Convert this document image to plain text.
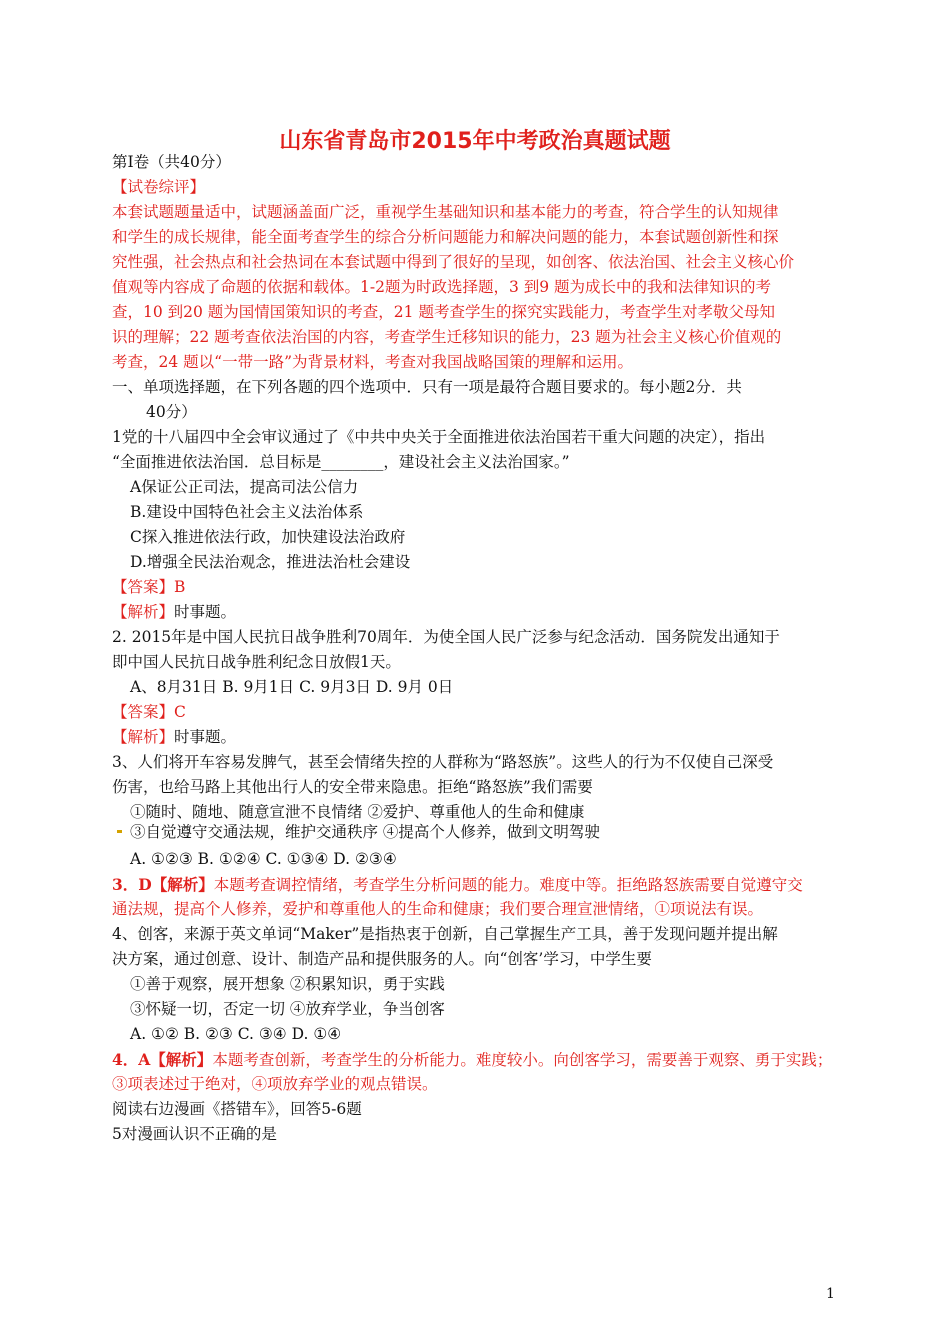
山东省青岛市2015年中考政治真题试题
第Ⅰ卷（共40分）
【试卷综评】
本套试题题量适中，试题涵盖面广泛，重视学生基础知识和基本能力的考查，符合学生的认知规律
和学生的成长规律，能全面考查学生的综合分析问题能力和解决问题的能力，本套试题创新性和探
究性强，社会热点和社会热词在本套试题中得到了很好的呈现，如创客、依法治国、社会主义核心价
值观等内容成了命题的依据和载体。1-2题为时政选择题，3 到9 题为成长中的我和法律知识的考
查，10 到20 题为国情国策知识的考查，21 题考查学生的探究实践能力，考查学生对孝敬父母知
识的理解；22 题考查依法治国的内容，考查学生迁移知识的能力，23 题为社会主义核心价值观的
考查，24 题以“一带一路”为背景材料，考查对我国战略国策的理解和运用。
一、单项选择题，在下列各题的四个选项中．只有一项是最符合题目要求的。每小题2分．共
40分）
1党的十八届四中全会审议通过了《中共中央关于全面推进依法治国若干重大问题的决定），指出
“全面推进依法治国．总目标是________，建设社会主义法治国家。”
A保证公正司法，提高司法公信力
B.建设中国特色社会主义法治体系
C探入推进依法行政，加快建设法治政府
D.增强全民法治观念，推进法治杜会建设
【答案】B
【解析】时事题。
2. 2015年是中国人民抗日战争胜利70周年．为使全国人民广泛参与纪念活动．国务院发出通知于
即中国人民抗日战争胜利纪念日放假1天。
A、8月31日 B. 9月1日 C. 9月3日 D. 9月 0日
【答案】C
【解析】时事题。
3、人们将开车容易发脾气，甚至会情绪失控的人群称为“路怒族”。这些人的行为不仅使自己深受
伤害，也给马路上其他出行人的安全带来隐患。拒绝“路怒族”我们需要
①随时、随地、随意宣泄不良情绪 ②爱护、尊重他人的生命和健康
③自觉遵守交通法规，维护交通秩序 ④提高个人修养，做到文明驾驶
A. ①②③ B. ①②④ C. ①③④ D. ②③④
3．D【解析】本题考查调控情绪，考查学生分析问题的能力。难度中等。拒绝路怒族需要自觉遵守交
通法规，提高个人修养，爱护和尊重他人的生命和健康；我们要合理宣泄情绪，①项说法有误。
4、创客，来源于英文单词“Maker”是指热衷于创新，自己掌握生产工具，善于发现问题并提出解
决方案，通过创意、设计、制造产品和提供服务的人。向“创客’学习，中学生要
①善于观察，展开想象 ②积累知识，勇于实践
③怀疑一切，否定一切 ④放弃学业，争当创客
A. ①② B. ②③ C. ③④ D. ①④
4．A【解析】本题考查创新，考查学生的分析能力。难度较小。向创客学习，需要善于观察、勇于实践；
③项表述过于绝对，④项放弃学业的观点错误。
阅读右边漫画《搭错车》，回答5-6题
5对漫画认识不正确的是
1
